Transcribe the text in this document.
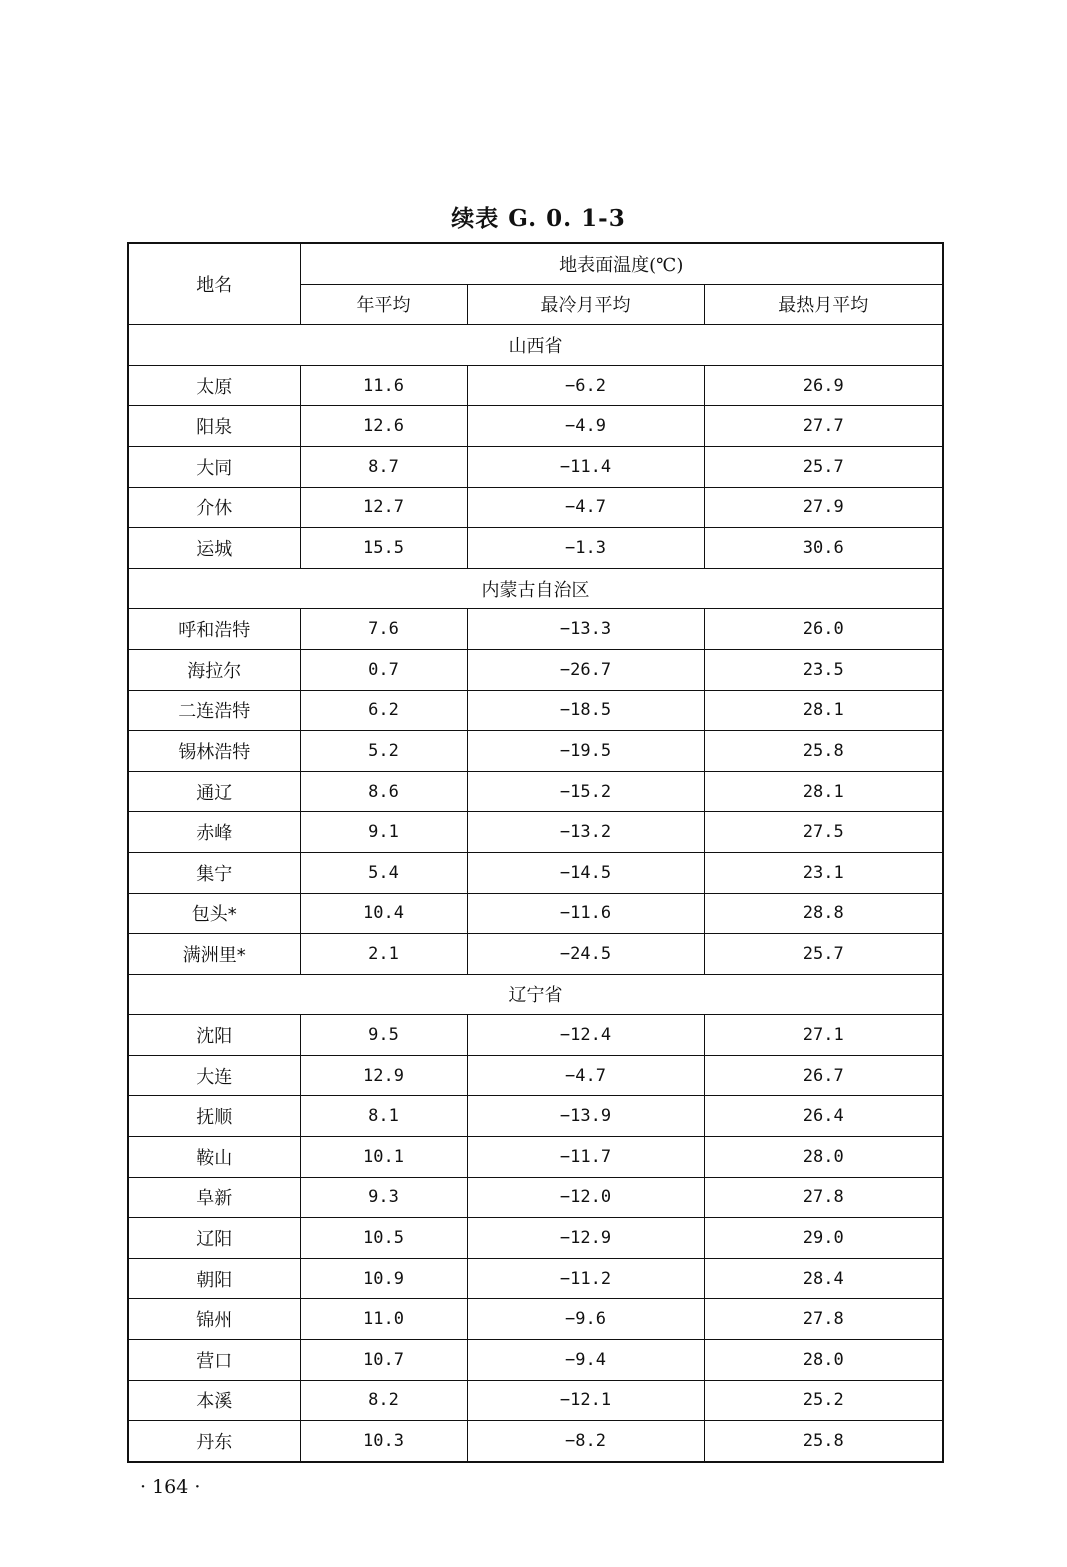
续表 G. 0. 1-3
地名	地表面温度(℃)		
	年平均	最冷月平均	最热月平均
山西省			
太原	11.6	−6.2	26.9
阳泉	12.6	−4.9	27.7
大同	8.7	−11.4	25.7
介休	12.7	−4.7	27.9
运城	15.5	−1.3	30.6
内蒙古自治区			
呼和浩特	7.6	−13.3	26.0
海拉尔	0.7	−26.7	23.5
二连浩特	6.2	−18.5	28.1
锡林浩特	5.2	−19.5	25.8
通辽	8.6	−15.2	28.1
赤峰	9.1	−13.2	27.5
集宁	5.4	−14.5	23.1
包头*	10.4	−11.6	28.8
满洲里*	2.1	−24.5	25.7
辽宁省			
沈阳	9.5	−12.4	27.1
大连	12.9	−4.7	26.7
抚顺	8.1	−13.9	26.4
鞍山	10.1	−11.7	28.0
阜新	9.3	−12.0	27.8
辽阳	10.5	−12.9	29.0
朝阳	10.9	−11.2	28.4
锦州	11.0	−9.6	27.8
营口	10.7	−9.4	28.0
本溪	8.2	−12.1	25.2
丹东	10.3	−8.2	25.8
· 164 ·
